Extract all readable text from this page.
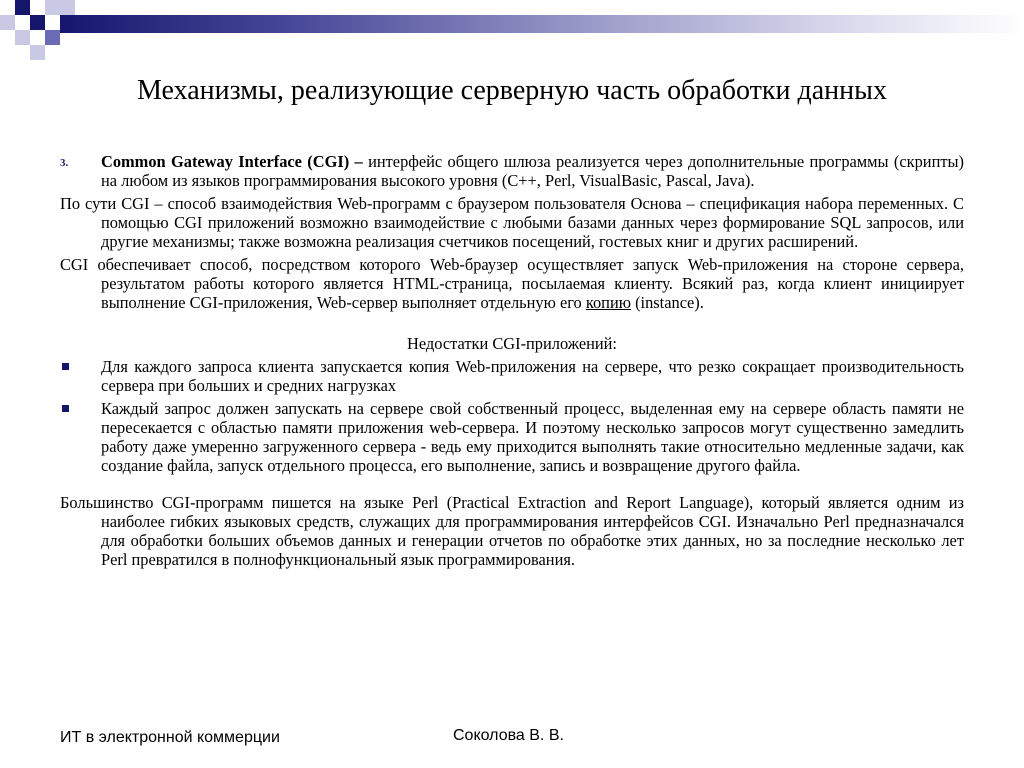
Механизмы, реализующие серверную часть обработки данных
3. Common Gateway Interface (CGI) – интерфейс общего шлюза реализуется через дополнительные программы (скрипты) на любом из языков программирования высокого уровня (C++, Perl, VisualBasic, Pascal, Java).

По сути CGI – способ взаимодействия Web-программ с браузером пользователя Основа – спецификация набора переменных. С помощью CGI приложений возможно взаимодействие с любыми базами данных через формирование SQL запросов, или другие механизмы; также возможна реализация счетчиков посещений, гостевых книг и других расширений.

CGI обеспечивает способ, посредством которого Web-браузер осуществляет запуск Web-приложения на стороне сервера, результатом работы которого является HTML-страница, посылаемая клиенту. Всякий раз, когда клиент инициирует выполнение CGI-приложения, Web-сервер выполняет отдельную его копию (instance).

Недостатки CGI-приложений:

Для каждого запроса клиента запускается копия Web-приложения на сервере, что резко сокращает производительность сервера при больших и средних нагрузках
Каждый запрос должен запускать на сервере свой собственный процесс, выделенная ему на сервере область памяти не пересекается с областью памяти приложения web-сервера. И поэтому несколько запросов могут существенно замедлить работу даже умеренно загруженного сервера - ведь ему приходится выполнять такие относительно медленные задачи, как создание файла, запуск отдельного процесса, его выполнение, запись и возвращение другого файла.

Большинство CGI-программ пишется на языке Perl (Practical Extraction and Report Language), который является одним из наиболее гибких языковых средств, служащих для программирования интерфейсов CGI. Изначально Perl предназначался для обработки больших объемов данных и генерации отчетов по обработке этих данных, но за последние несколько лет Perl превратился в полнофункциональный язык программирования.

ИТ в электронной коммерции	Соколова В. В.
